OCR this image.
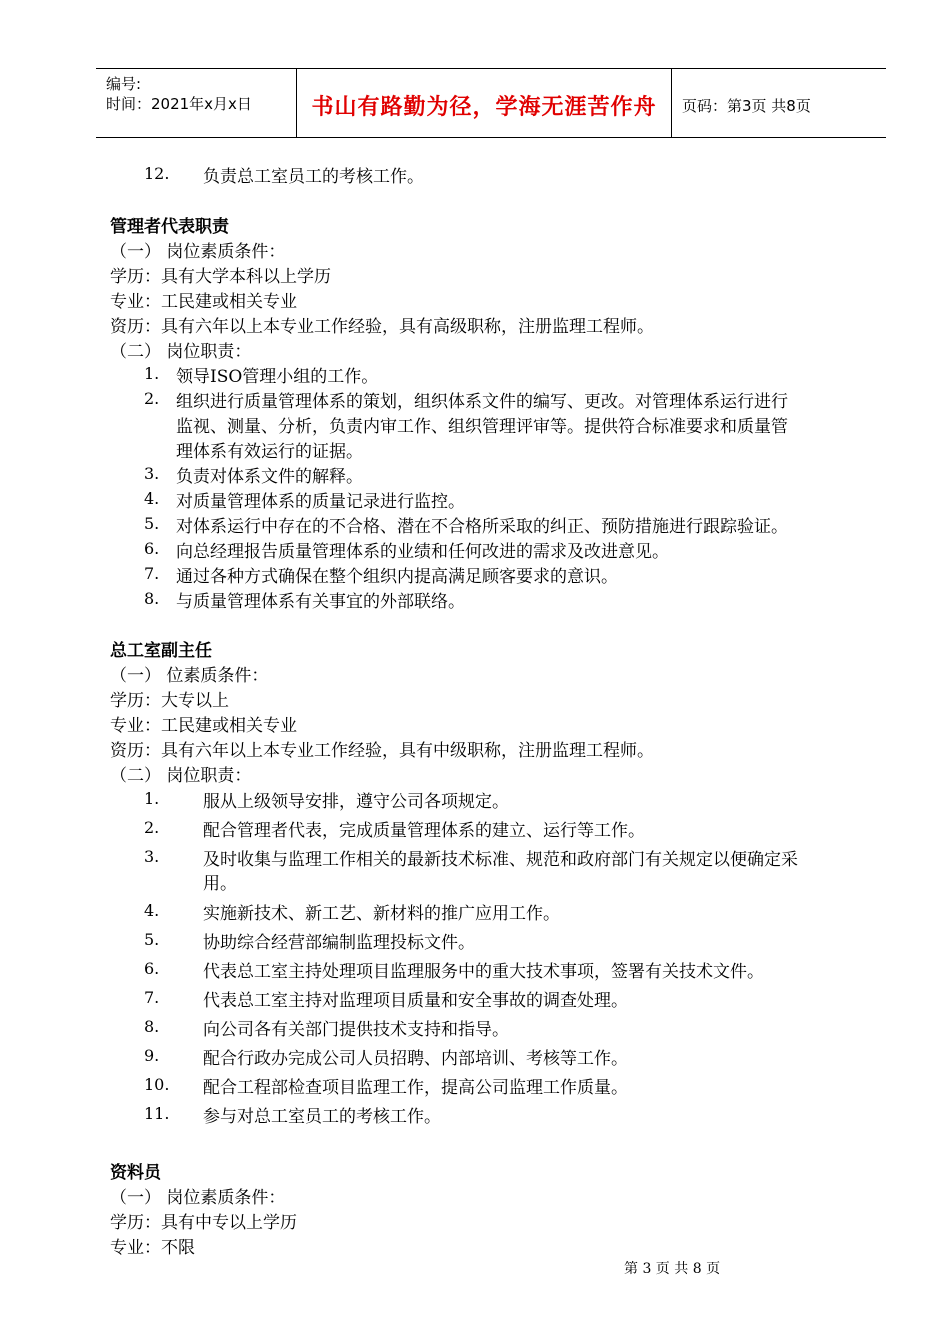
编号:
时间：2021年x月x日	书山有路勤为径，学海无涯苦作舟	页码：第3页 共8页
12. 负责总工室员工的考核工作。
管理者代表职责
（一） 岗位素质条件：
学历：具有大学本科以上学历
专业：工民建或相关专业
资历：具有六年以上本专业工作经验，具有高级职称，注册监理工程师。
（二） 岗位职责：
1. 领导ISO管理小组的工作。
2. 组织进行质量管理体系的策划，组织体系文件的编写、更改。对管理体系运行进行
监视、测量、分析，负责内审工作、组织管理评审等。提供符合标准要求和质量管
理体系有效运行的证据。
3. 负责对体系文件的解释。
4. 对质量管理体系的质量记录进行监控。
5. 对体系运行中存在的不合格、潜在不合格所采取的纠正、预防措施进行跟踪验证。
6. 向总经理报告质量管理体系的业绩和任何改进的需求及改进意见。
7. 通过各种方式确保在整个组织内提高满足顾客要求的意识。
8. 与质量管理体系有关事宜的外部联络。
总工室副主任
（一） 位素质条件：
学历：大专以上
专业：工民建或相关专业
资历：具有六年以上本专业工作经验，具有中级职称，注册监理工程师。
（二） 岗位职责：
1.	服从上级领导安排，遵守公司各项规定。
2.	配合管理者代表，完成质量管理体系的建立、运行等工作。
3.	及时收集与监理工作相关的最新技术标准、规范和政府部门有关规定以便确定采
用。
4.	实施新技术、新工艺、新材料的推广应用工作。
5.	协助综合经营部编制监理投标文件。
6.	代表总工室主持处理项目监理服务中的重大技术事项，签署有关技术文件。
7.	代表总工室主持对监理项目质量和安全事故的调查处理。
8.	向公司各有关部门提供技术支持和指导。
9.	配合行政办完成公司人员招聘、内部培训、考核等工作。
10. 配合工程部检查项目监理工作，提高公司监理工作质量。
11. 参与对总工室员工的考核工作。
资料员
（一） 岗位素质条件：
学历：具有中专以上学历
专业：不限
第 3 页 共 8 页
